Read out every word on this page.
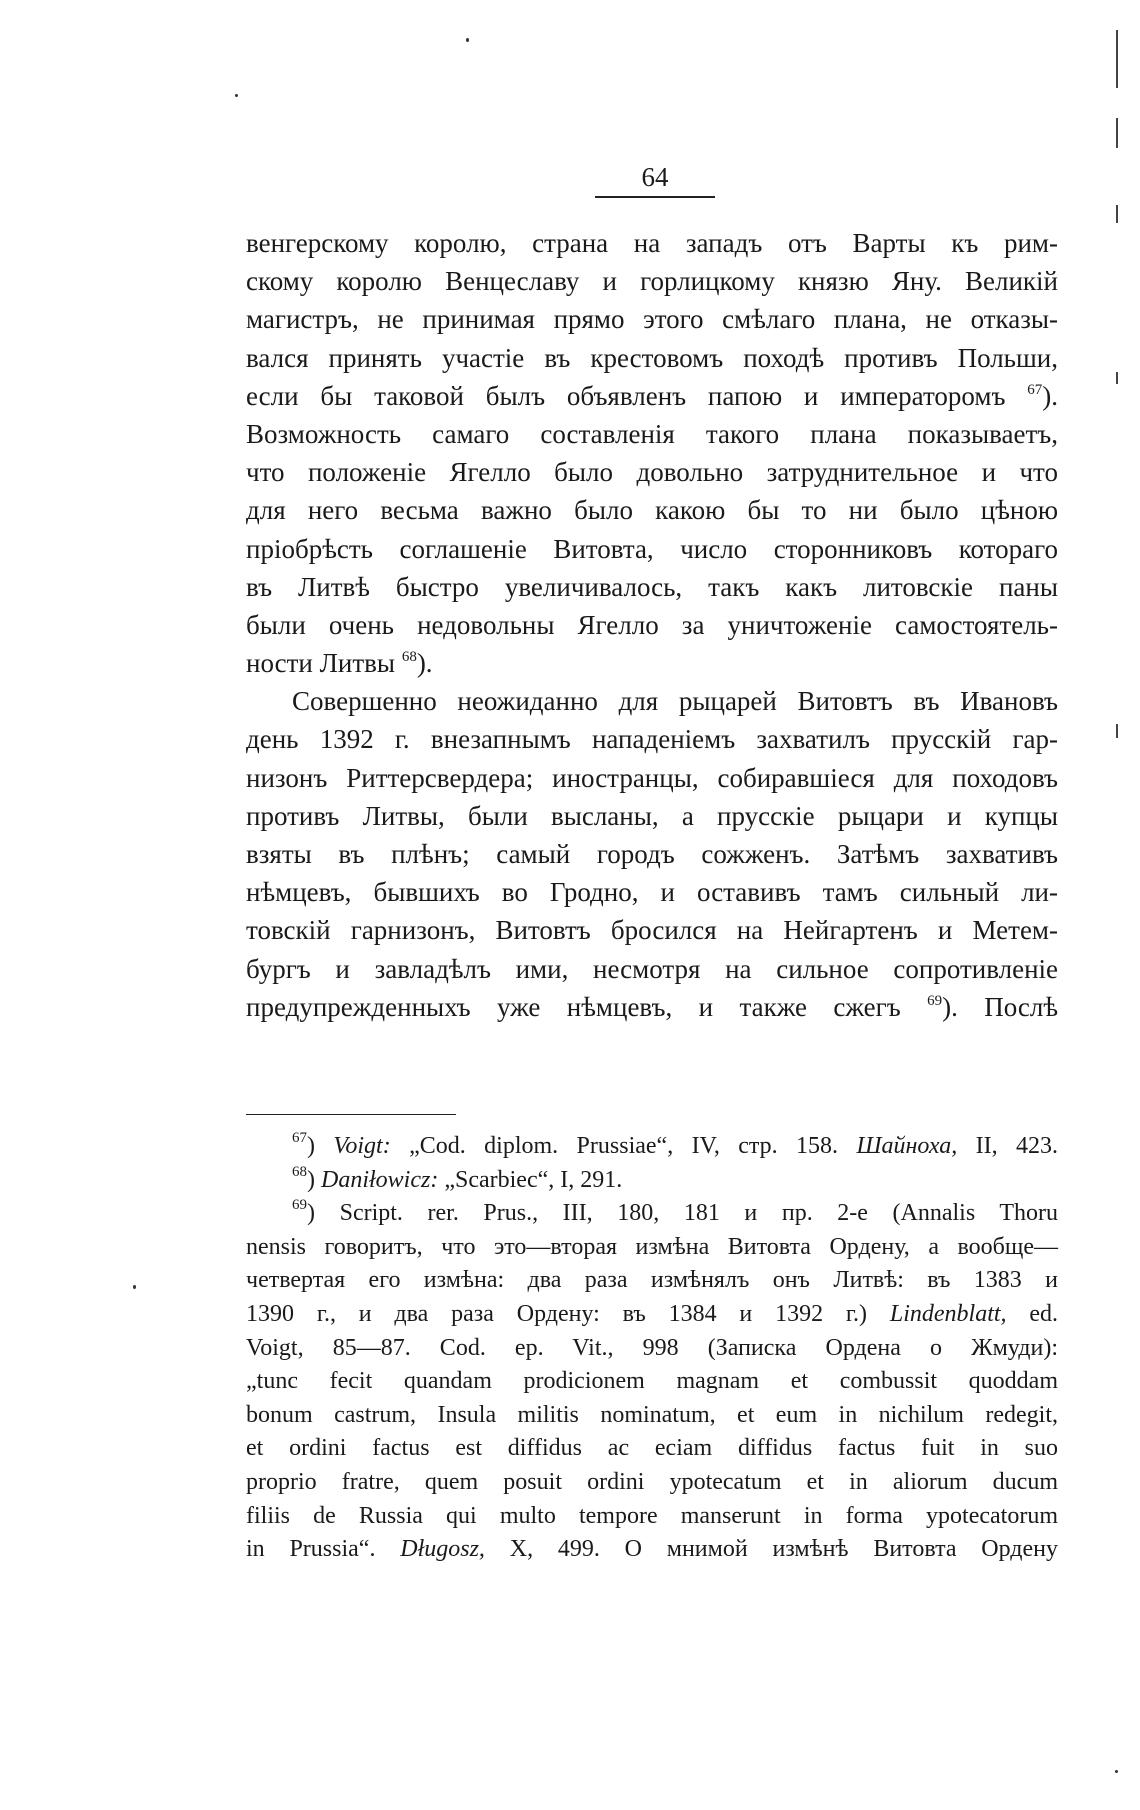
64
венгерскому королю, страна на западъ отъ Варты къ рим-
скому королю Венцеславу и горлицкому князю Яну. Великій
магистръ, не принимая прямо этого смѣлаго плана, не отказы-
вался принять участіе въ крестовомъ походѣ противъ Польши,
если бы таковой былъ объявленъ папою и императоромъ $^{67}$).
Возможность самаго составленія такого плана показываетъ,
что положеніе Ягелло было довольно затруднительное и что
для него весьма важно было какою бы то ни было цѣною
пріобрѣсть соглашеніе Витовта, число сторонниковъ котораго
въ Литвѣ быстро увеличивалось, такъ какъ литовскіе паны
были очень недовольны Ягелло за уничтоженіе самостоятель-
ности Литвы $^{68}$).
Совершенно неожиданно для рыцарей Витовтъ въ Ивановъ
день 1392 г. внезапнымъ нападеніемъ захватилъ прусскій гар-
низонъ Риттерсвердера; иностранцы, собиравшіеся для походовъ
противъ Литвы, были высланы, а прусскіе рыцари и купцы
взяты въ плѣнъ; самый городъ сожженъ. Затѣмъ захвативъ
нѣмцевъ, бывшихъ во Гродно, и оставивъ тамъ сильный ли-
товскій гарнизонъ, Витовтъ бросился на Нейгартенъ и Метем-
бургъ и завладѣлъ ими, несмотря на сильное сопротивленіе
предупрежденныхъ уже нѣмцевъ, и также сжегъ $^{69}$). Послѣ
$^{67}$) Voigt: „Cod. diplom. Prussiae“, IV, стр. 158. Шайноха, II, 423.
$^{68}$) Daniłowicz: „Scarbiec“, I, 291.
$^{69}$) Script. rer. Prus., III, 180, 181 и пр. 2-е (Annalis Thoru
nensis говоритъ, что это—вторая измѣна Витовта Ордену, а вообще—
четвертая его измѣна: два раза измѣнялъ онъ Литвѣ: въ 1383 и
1390 г., и два раза Ордену: въ 1384 и 1392 г.) Lindenblatt, ed.
Voigt, 85—87. Cod. ep. Vit., 998 (Записка Ордена о Жмуди):
„tunc fecit quandam prodicionem magnam et combussit quoddam
bonum castrum, Insula militis nominatum, et eum in nichilum redegit,
et ordini factus est diffidus ac eciam diffidus factus fuit in suo
proprio fratre, quem posuit ordini ypotecatum et in aliorum ducum
filiis de Russia qui multo tempore manserunt in forma ypotecatorum
in Prussia“. Długosz, X, 499. О мнимой измѣнѣ Витовта Ордену
